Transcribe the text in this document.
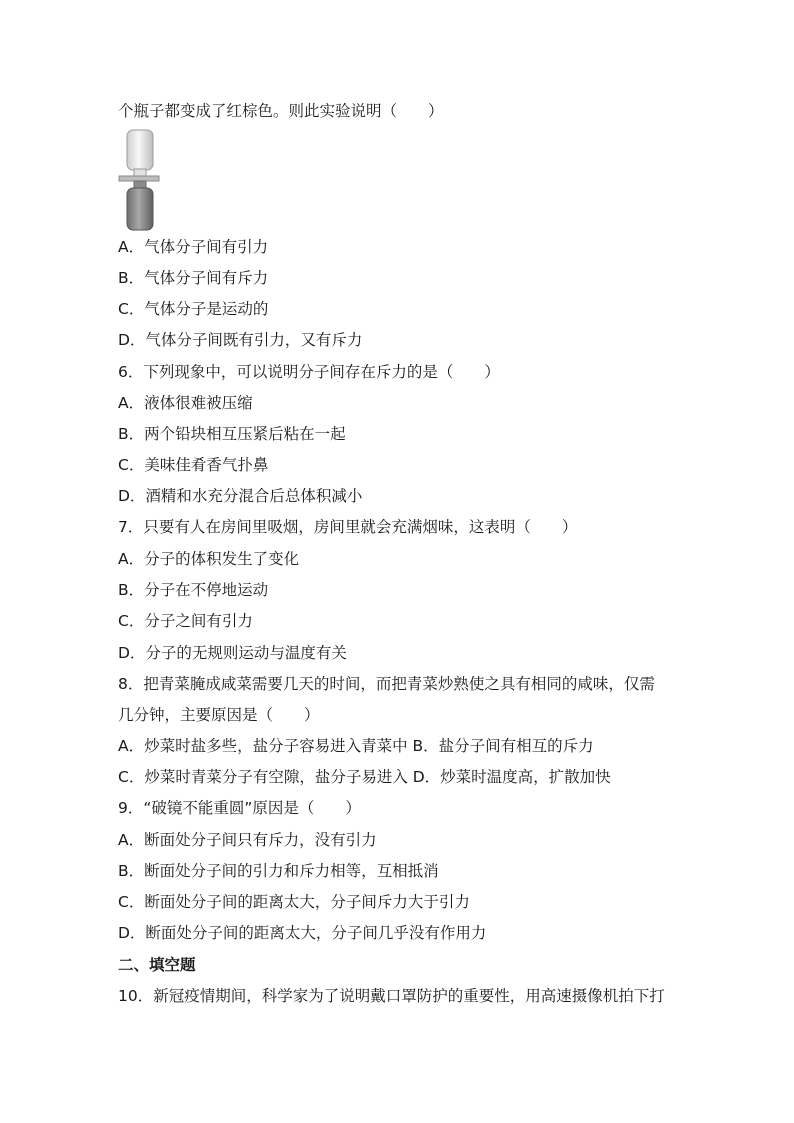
个瓶子都变成了红棕色。则此实验说明（　　）
A．气体分子间有引力
B．气体分子间有斥力
C．气体分子是运动的
D．气体分子间既有引力，又有斥力
6．下列现象中，可以说明分子间存在斥力的是（　　）
A．液体很难被压缩
B．两个铅块相互压紧后粘在一起
C．美味佳肴香气扑鼻
D．酒精和水充分混合后总体积减小
7．只要有人在房间里吸烟，房间里就会充满烟味，这表明（　　）
A．分子的体积发生了变化
B．分子在不停地运动
C．分子之间有引力
D．分子的无规则运动与温度有关
8．把青菜腌成咸菜需要几天的时间，而把青菜炒熟使之具有相同的咸味，仅需
几分钟，主要原因是（　　）
A．炒菜时盐多些，盐分子容易进入青菜中 B．盐分子间有相互的斥力
C．炒菜时青菜分子有空隙，盐分子易进入 D．炒菜时温度高，扩散加快
9．“破镜不能重圆”原因是（　　）
A．断面处分子间只有斥力，没有引力
B．断面处分子间的引力和斥力相等，互相抵消
C．断面处分子间的距离太大，分子间斥力大于引力
D．断面处分子间的距离太大，分子间几乎没有作用力
二、填空题
10．新冠疫情期间，科学家为了说明戴口罩防护的重要性，用高速摄像机拍下打
